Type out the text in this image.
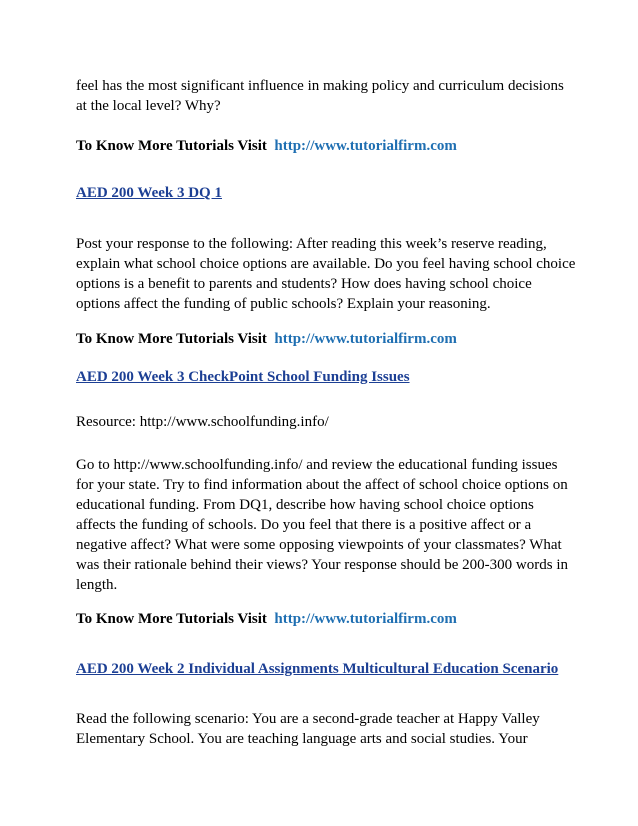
feel has the most significant influence in making policy and curriculum decisions
at the local level? Why?
To Know More Tutorials Visit http://www.tutorialfirm.com
AED 200 Week 3 DQ 1
Post your response to the following: After reading this week’s reserve reading,
explain what school choice options are available. Do you feel having school choice
options is a benefit to parents and students? How does having school choice
options affect the funding of public schools? Explain your reasoning.
To Know More Tutorials Visit http://www.tutorialfirm.com
AED 200 Week 3 CheckPoint School Funding Issues
Resource: http://www.schoolfunding.info/
Go to http://www.schoolfunding.info/ and review the educational funding issues
for your state. Try to find information about the affect of school choice options on
educational funding. From DQ1, describe how having school choice options
affects the funding of schools. Do you feel that there is a positive affect or a
negative affect? What were some opposing viewpoints of your classmates? What
was their rationale behind their views? Your response should be 200-300 words in
length.
To Know More Tutorials Visit http://www.tutorialfirm.com
AED 200 Week 2 Individual Assignments Multicultural Education Scenario
Read the following scenario: You are a second-grade teacher at Happy Valley
Elementary School. You are teaching language arts and social studies. Your
